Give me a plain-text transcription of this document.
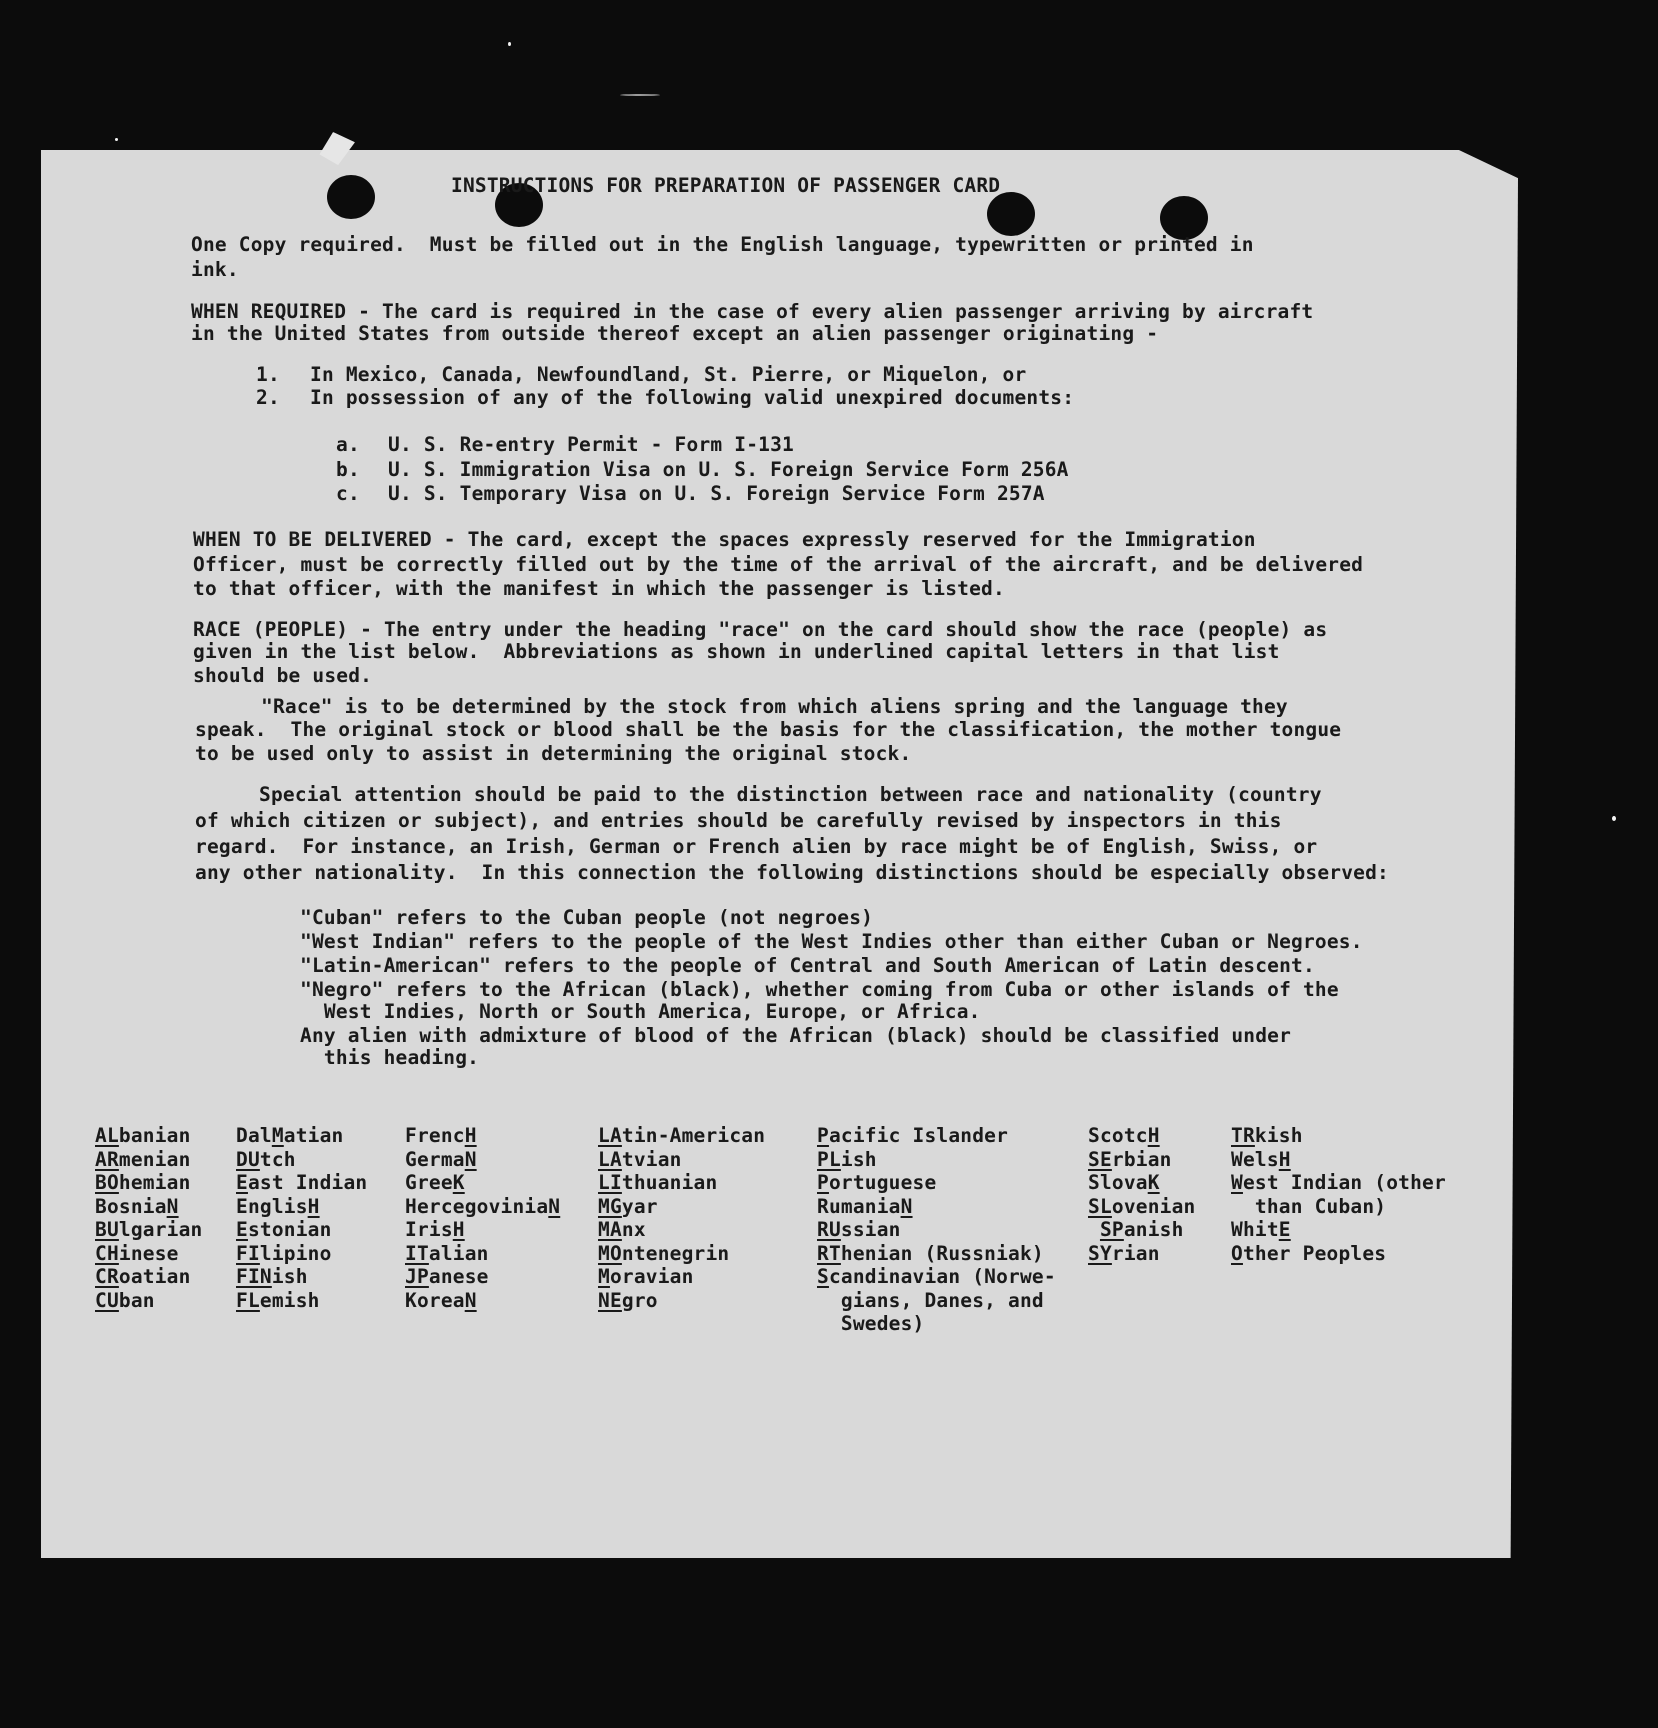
INSTRUCTIONS FOR PREPARATION OF PASSENGER CARD
One Copy required.  Must be filled out in the English language, typewritten or printed in
ink.
WHEN REQUIRED - The card is required in the case of every alien passenger arriving by aircraft
in the United States from outside thereof except an alien passenger originating -
1. In Mexico, Canada, Newfoundland, St. Pierre, or Miquelon, or
2. In possession of any of the following valid unexpired documents:
a. U. S. Re-entry Permit - Form I-131
b. U. S. Immigration Visa on U. S. Foreign Service Form 256A
c. U. S. Temporary Visa on U. S. Foreign Service Form 257A
WHEN TO BE DELIVERED - The card, except the spaces expressly reserved for the Immigration
Officer, must be correctly filled out by the time of the arrival of the aircraft, and be delivered
to that officer, with the manifest in which the passenger is listed.
RACE (PEOPLE) - The entry under the heading "race" on the card should show the race (people) as
given in the list below.  Abbreviations as shown in underlined capital letters in that list
should be used.
"Race" is to be determined by the stock from which aliens spring and the language they
speak.  The original stock or blood shall be the basis for the classification, the mother tongue
to be used only to assist in determining the original stock.
Special attention should be paid to the distinction between race and nationality (country
of which citizen or subject), and entries should be carefully revised by inspectors in this
regard.  For instance, an Irish, German or French alien by race might be of English, Swiss, or
any other nationality.  In this connection the following distinctions should be especially observed:
"Cuban" refers to the Cuban people (not negroes)
"West Indian" refers to the people of the West Indies other than either Cuban or Negroes.
"Latin-American" refers to the people of Central and South American of Latin descent.
"Negro" refers to the African (black), whether coming from Cuba or other islands of the
West Indies, North or South America, Europe, or Africa.
Any alien with admixture of blood of the African (black) should be classified under
this heading.
ALbanian
ARmenian
BOhemian
BosniaN
BUlgarian
CHinese
CRoatian
CUban
DalMatian
DUtch
East Indian
EnglisH
Estonian
FIlipino
FINish
FLemish
FrencH
GermaN
GreeK
HercegoviniaN
IrisH
ITalian
JPanese
KoreaN
LAtin-American
LAtvian
LIthuanian
MGyar
MAnx
MOntenegrin
Moravian
NEgro
Pacific Islander
PLish
Portuguese
RumaniaN
RUssian
RThenian (Russniak)
Scandinavian (Norwe-
gians, Danes, and
Swedes)
ScotcH
SErbian
SlovaK
SLovenian
SPanish
SYrian
TRkish
WelsH
West Indian (other
than Cuban)
WhitE
Other Peoples
